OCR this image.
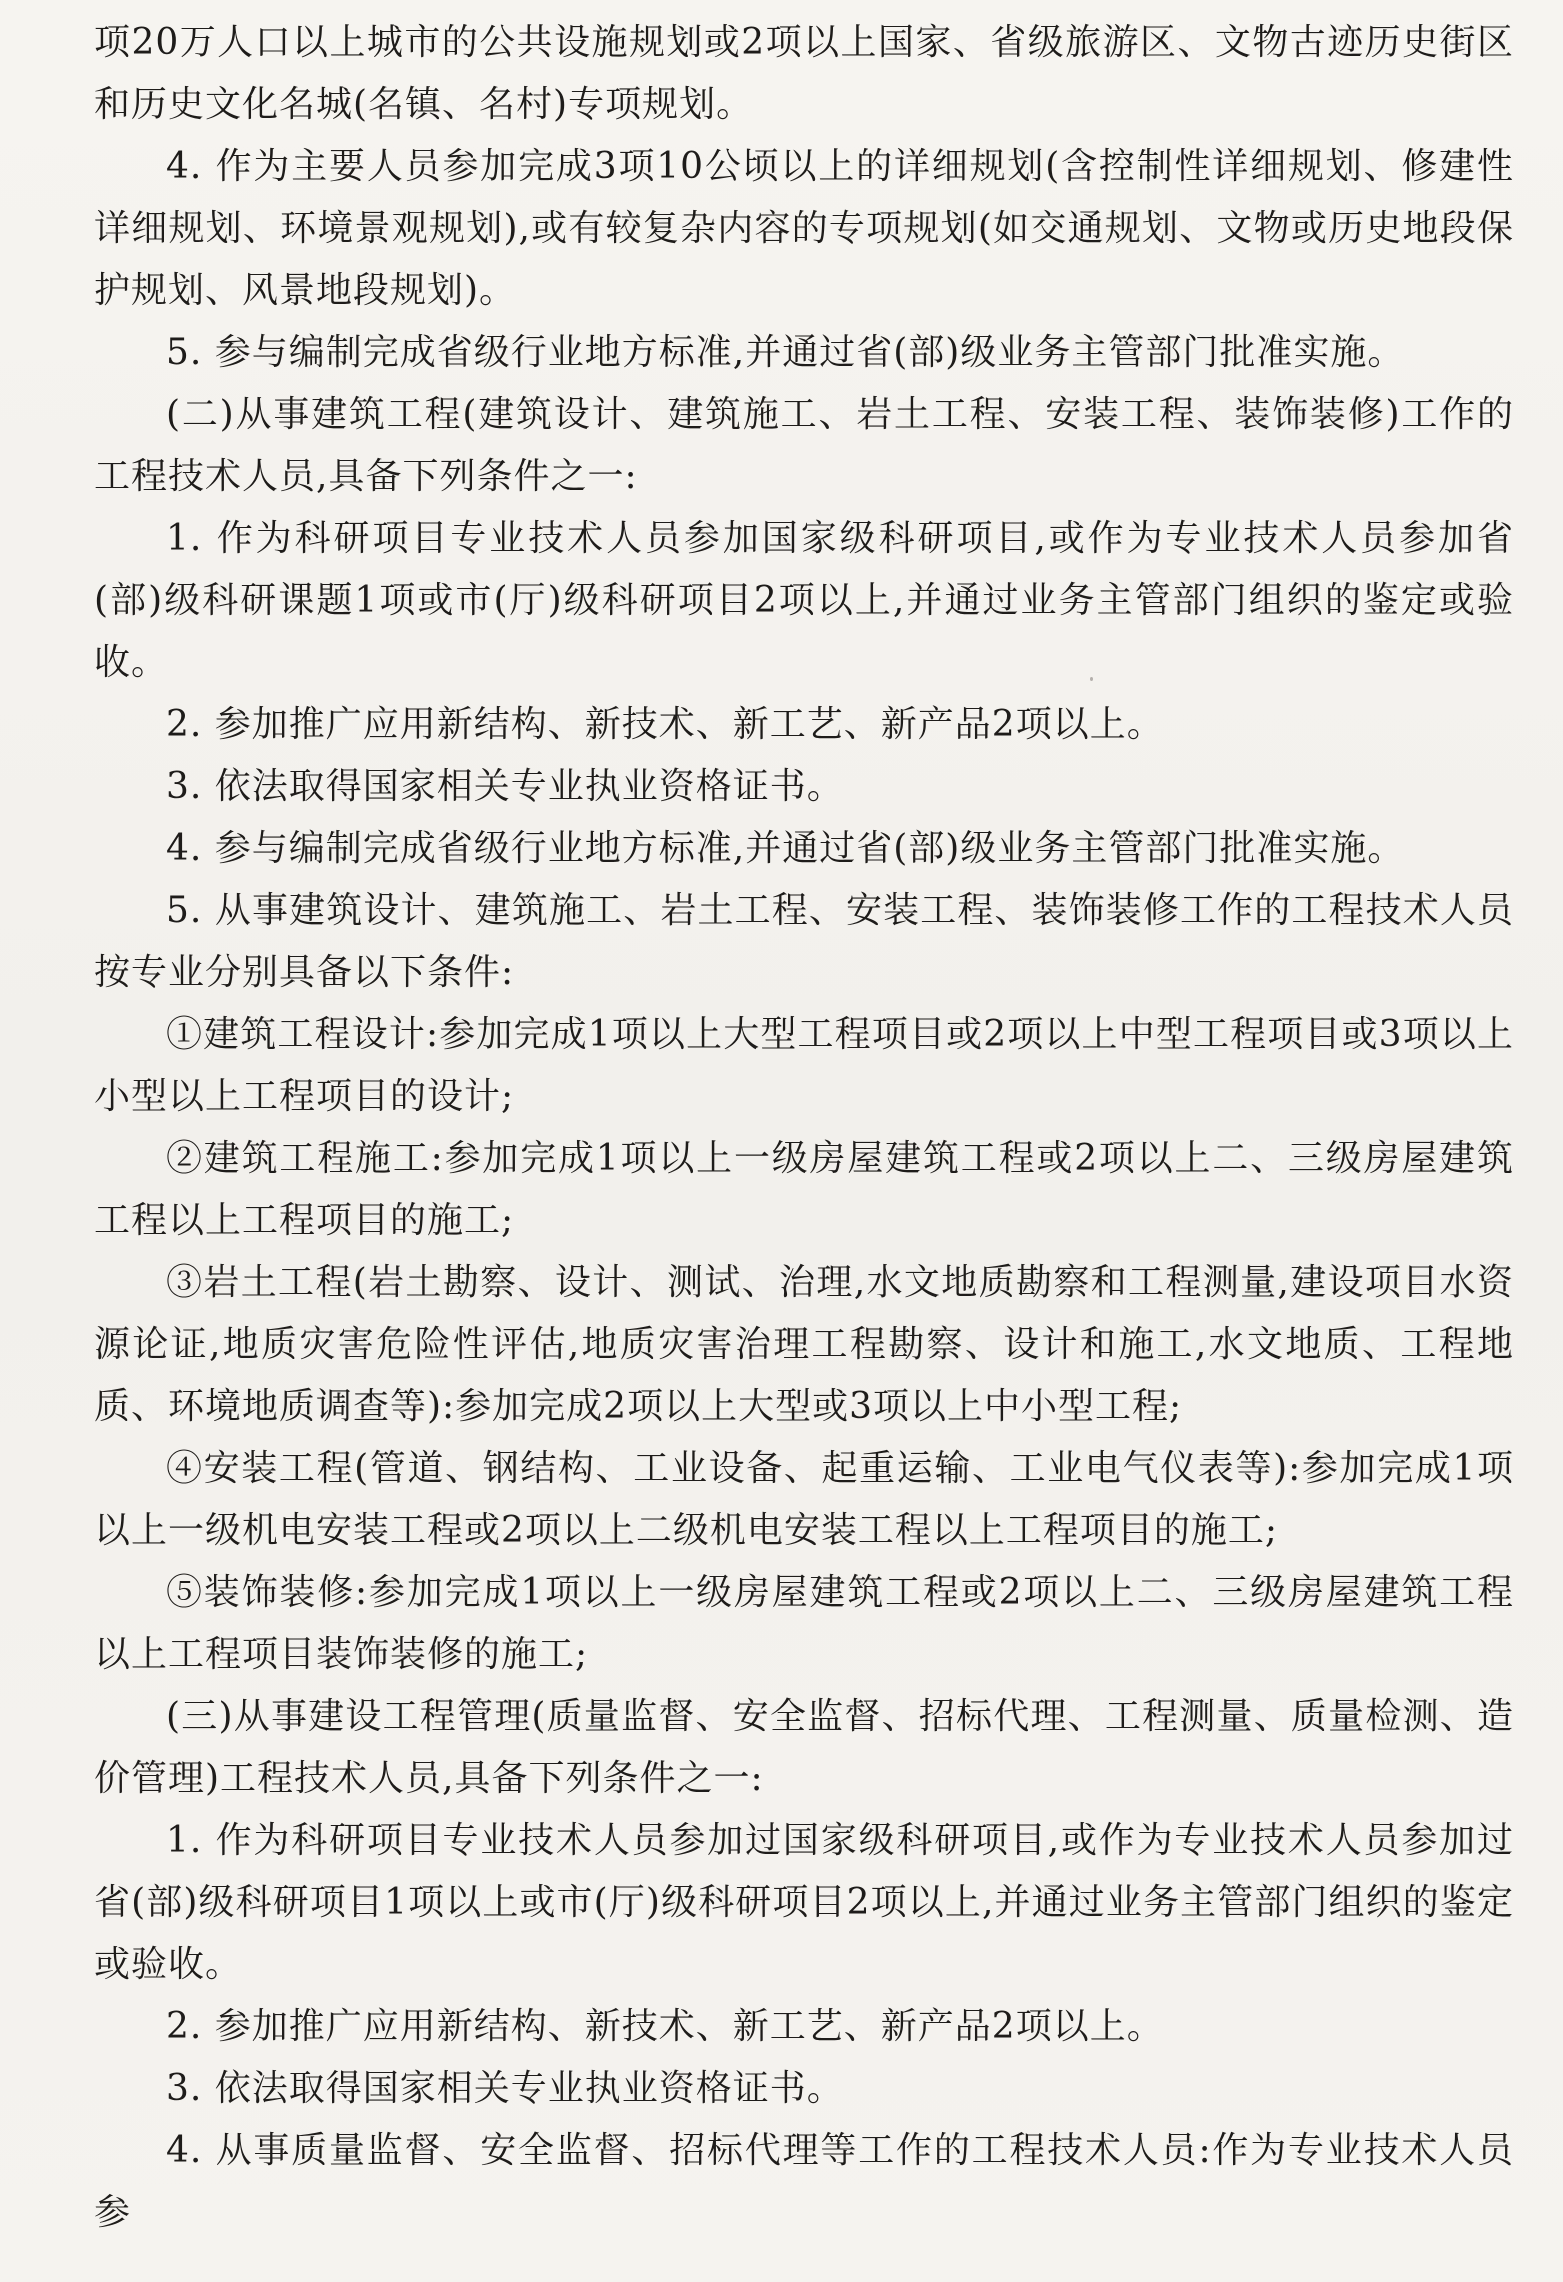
项20万人口以上城市的公共设施规划或2项以上国家、省级旅游区、文物古迹历史街区和历史文化名城(名镇、名村)专项规划。

4. 作为主要人员参加完成3项10公顷以上的详细规划(含控制性详细规划、修建性详细规划、环境景观规划),或有较复杂内容的专项规划(如交通规划、文物或历史地段保护规划、风景地段规划)。

5. 参与编制完成省级行业地方标准,并通过省(部)级业务主管部门批准实施。

(二)从事建筑工程(建筑设计、建筑施工、岩土工程、安装工程、装饰装修)工作的工程技术人员,具备下列条件之一:

1. 作为科研项目专业技术人员参加国家级科研项目,或作为专业技术人员参加省(部)级科研课题1项或市(厅)级科研项目2项以上,并通过业务主管部门组织的鉴定或验收。

2. 参加推广应用新结构、新技术、新工艺、新产品2项以上。

3. 依法取得国家相关专业执业资格证书。

4. 参与编制完成省级行业地方标准,并通过省(部)级业务主管部门批准实施。

5. 从事建筑设计、建筑施工、岩土工程、安装工程、装饰装修工作的工程技术人员按专业分别具备以下条件:

①建筑工程设计:参加完成1项以上大型工程项目或2项以上中型工程项目或3项以上小型以上工程项目的设计;

②建筑工程施工:参加完成1项以上一级房屋建筑工程或2项以上二、三级房屋建筑工程以上工程项目的施工;

③岩土工程(岩土勘察、设计、测试、治理,水文地质勘察和工程测量,建设项目水资源论证,地质灾害危险性评估,地质灾害治理工程勘察、设计和施工,水文地质、工程地质、环境地质调查等):参加完成2项以上大型或3项以上中小型工程;

④安装工程(管道、钢结构、工业设备、起重运输、工业电气仪表等):参加完成1项以上一级机电安装工程或2项以上二级机电安装工程以上工程项目的施工;

⑤装饰装修:参加完成1项以上一级房屋建筑工程或2项以上二、三级房屋建筑工程以上工程项目装饰装修的施工;

(三)从事建设工程管理(质量监督、安全监督、招标代理、工程测量、质量检测、造价管理)工程技术人员,具备下列条件之一:

1. 作为科研项目专业技术人员参加过国家级科研项目,或作为专业技术人员参加过省(部)级科研项目1项以上或市(厅)级科研项目2项以上,并通过业务主管部门组织的鉴定或验收。

2. 参加推广应用新结构、新技术、新工艺、新产品2项以上。

3. 依法取得国家相关专业执业资格证书。

4. 从事质量监督、安全监督、招标代理等工作的工程技术人员:作为专业技术人员参
